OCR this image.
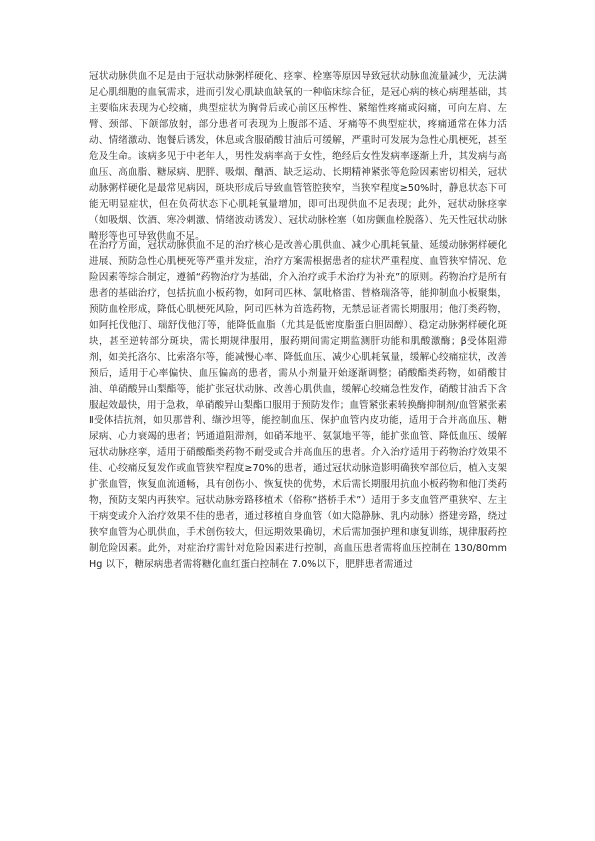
冠状动脉供血不足是由于冠状动脉粥样硬化、痉挛、栓塞等原因导致冠状动脉血流量减少，无法满足心肌细胞的血氧需求，进而引发心肌缺血缺氧的一种临床综合征，是冠心病的核心病理基础，其主要临床表现为心绞痛，典型症状为胸骨后或心前区压榨性、紧缩性疼痛或闷痛，可向左肩、左臂、颈部、下颌部放射，部分患者可表现为上腹部不适、牙痛等不典型症状，疼痛通常在体力活动、情绪激动、饱餐后诱发，休息或含服硝酸甘油后可缓解，严重时可发展为急性心肌梗死，甚至危及生命。该病多见于中老年人，男性发病率高于女性，绝经后女性发病率逐渐上升，其发病与高血压、高血脂、糖尿病、肥胖、吸烟、酗酒、缺乏运动、长期精神紧张等危险因素密切相关，冠状动脉粥样硬化是最常见病因，斑块形成后导致血管管腔狭窄，当狭窄程度≥50%时，静息状态下可能无明显症状，但在负荷状态下心肌耗氧量增加，即可出现供血不足表现；此外，冠状动脉痉挛（如吸烟、饮酒、寒冷刺激、情绪波动诱发）、冠状动脉栓塞（如房颤血栓脱落）、先天性冠状动脉畸形等也可导致供血不足。

在治疗方面，冠状动脉供血不足的治疗核心是改善心肌供血、减少心肌耗氧量、延缓动脉粥样硬化进展、预防急性心肌梗死等严重并发症，治疗方案需根据患者的症状严重程度、血管狭窄情况、危险因素等综合制定，遵循“药物治疗为基础，介入治疗或手术治疗为补充”的原则。药物治疗是所有患者的基础治疗，包括抗血小板药物，如阿司匹林、氯吡格雷、替格瑞洛等，能抑制血小板聚集，预防血栓形成，降低心肌梗死风险，阿司匹林为首选药物，无禁忌证者需长期服用；他汀类药物，如阿托伐他汀、瑞舒伐他汀等，能降低血脂（尤其是低密度脂蛋白胆固醇）、稳定动脉粥样硬化斑块，甚至逆转部分斑块，需长期规律服用，服药期间需定期监测肝功能和肌酸激酶；β受体阻滞剂，如美托洛尔、比索洛尔等，能减慢心率、降低血压、减少心肌耗氧量，缓解心绞痛症状，改善预后，适用于心率偏快、血压偏高的患者，需从小剂量开始逐渐调整；硝酸酯类药物，如硝酸甘油、单硝酸异山梨酯等，能扩张冠状动脉、改善心肌供血，缓解心绞痛急性发作，硝酸甘油舌下含服起效最快，用于急救，单硝酸异山梨酯口服用于预防发作；血管紧张素转换酶抑制剂/血管紧张素Ⅱ受体拮抗剂，如贝那普利、缬沙坦等，能控制血压、保护血管内皮功能，适用于合并高血压、糖尿病、心力衰竭的患者；钙通道阻滞剂，如硝苯地平、氨氯地平等，能扩张血管、降低血压、缓解冠状动脉痉挛，适用于硝酸酯类药物不耐受或合并高血压的患者。介入治疗适用于药物治疗效果不佳、心绞痛反复发作或血管狭窄程度≥70%的患者，通过冠状动脉造影明确狭窄部位后，植入支架扩张血管，恢复血流通畅，具有创伤小、恢复快的优势，术后需长期服用抗血小板药物和他汀类药物，预防支架内再狭窄。冠状动脉旁路移植术（俗称“搭桥手术”）适用于多支血管严重狭窄、左主干病变或介入治疗效果不佳的患者，通过移植自身血管（如大隐静脉、乳内动脉）搭建旁路，绕过狭窄血管为心肌供血，手术创伤较大，但远期效果确切，术后需加强护理和康复训练，规律服药控制危险因素。此外，对症治疗需针对危险因素进行控制，高血压患者需将血压控制在 130/80mmHg 以下，糖尿病患者需将糖化血红蛋白控制在 7.0%以下，肥胖患者需通过
